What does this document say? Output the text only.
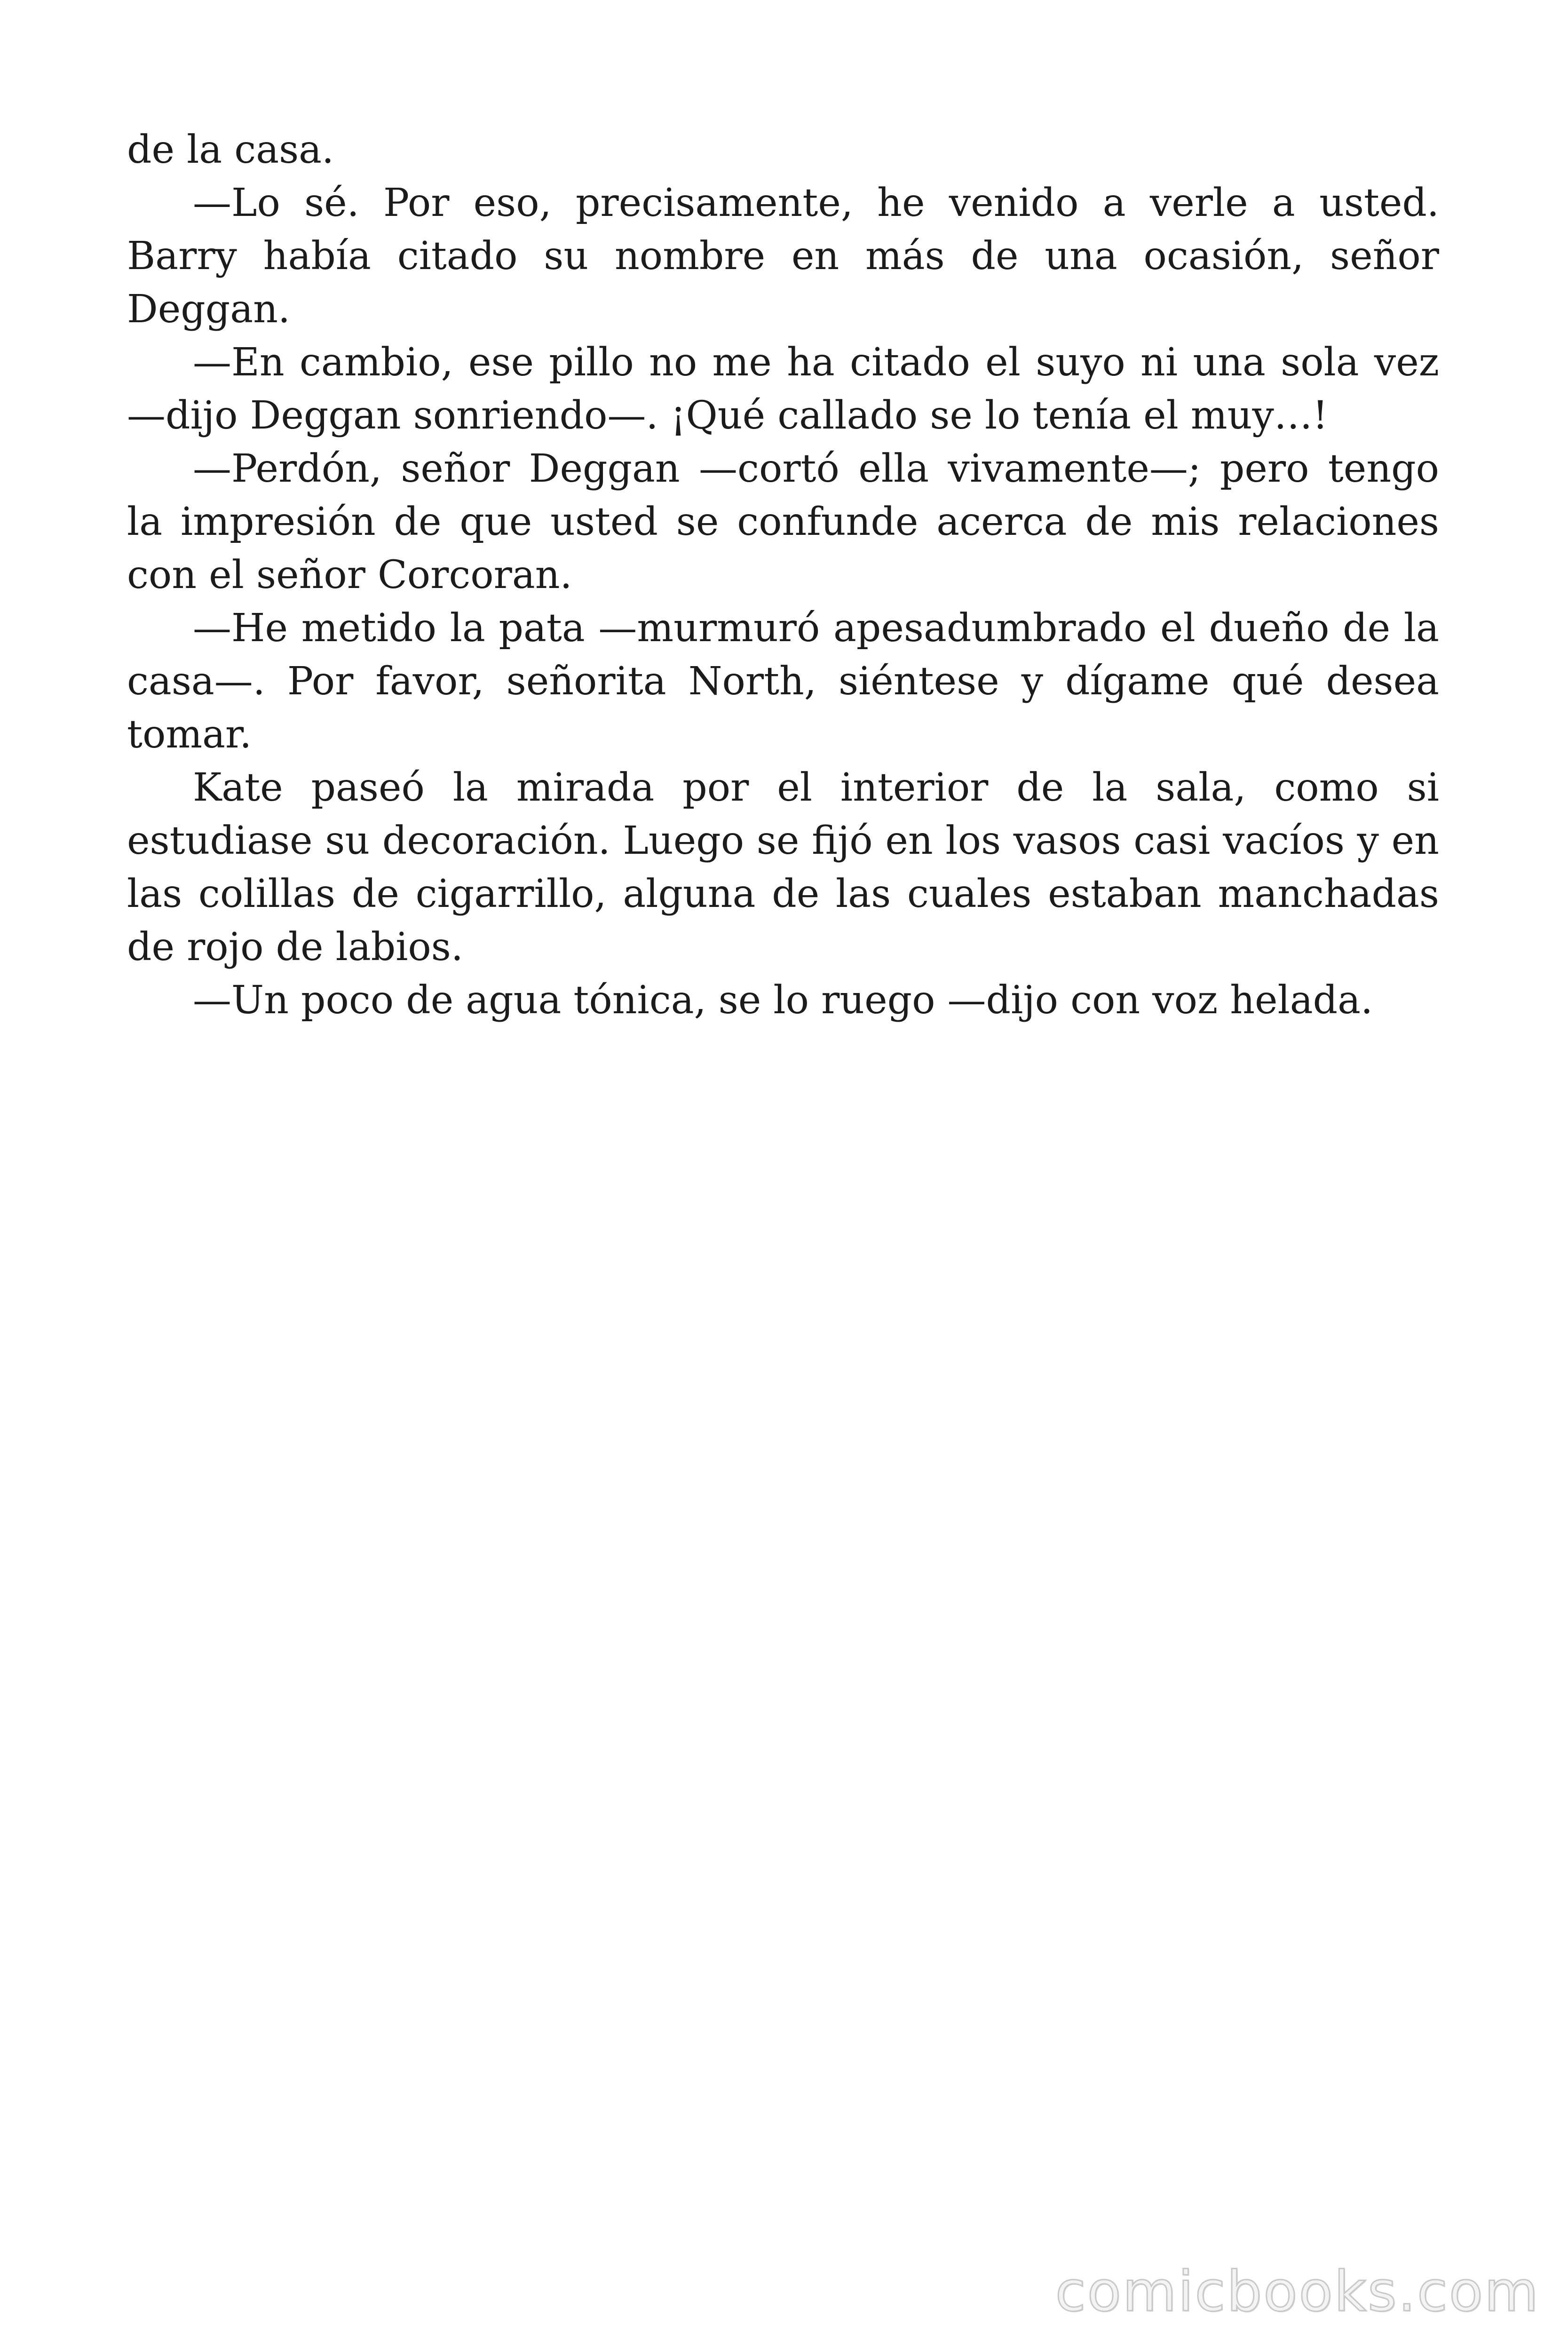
de la casa.

—Lo sé. Por eso, precisamente, he venido a verle a usted. Barry había citado su nombre en más de una ocasión, señor Deggan.

—En cambio, ese pillo no me ha citado el suyo ni una sola vez —dijo Deggan sonriendo—. ¡Qué callado se lo tenía el muy…!

—Perdón, señor Deggan —cortó ella vivamente—; pero tengo la impresión de que usted se confunde acerca de mis relaciones con el señor Corcoran.

—He metido la pata —murmuró apesadumbrado el dueño de la casa—. Por favor, señorita North, siéntese y dígame qué desea tomar.

Kate paseó la mirada por el interior de la sala, como si estudiase su decoración. Luego se fijó en los vasos casi vacíos y en las colillas de cigarrillo, alguna de las cuales estaban manchadas de rojo de labios.

—Un poco de agua tónica, se lo ruego —dijo con voz helada.

comicbooks.com
